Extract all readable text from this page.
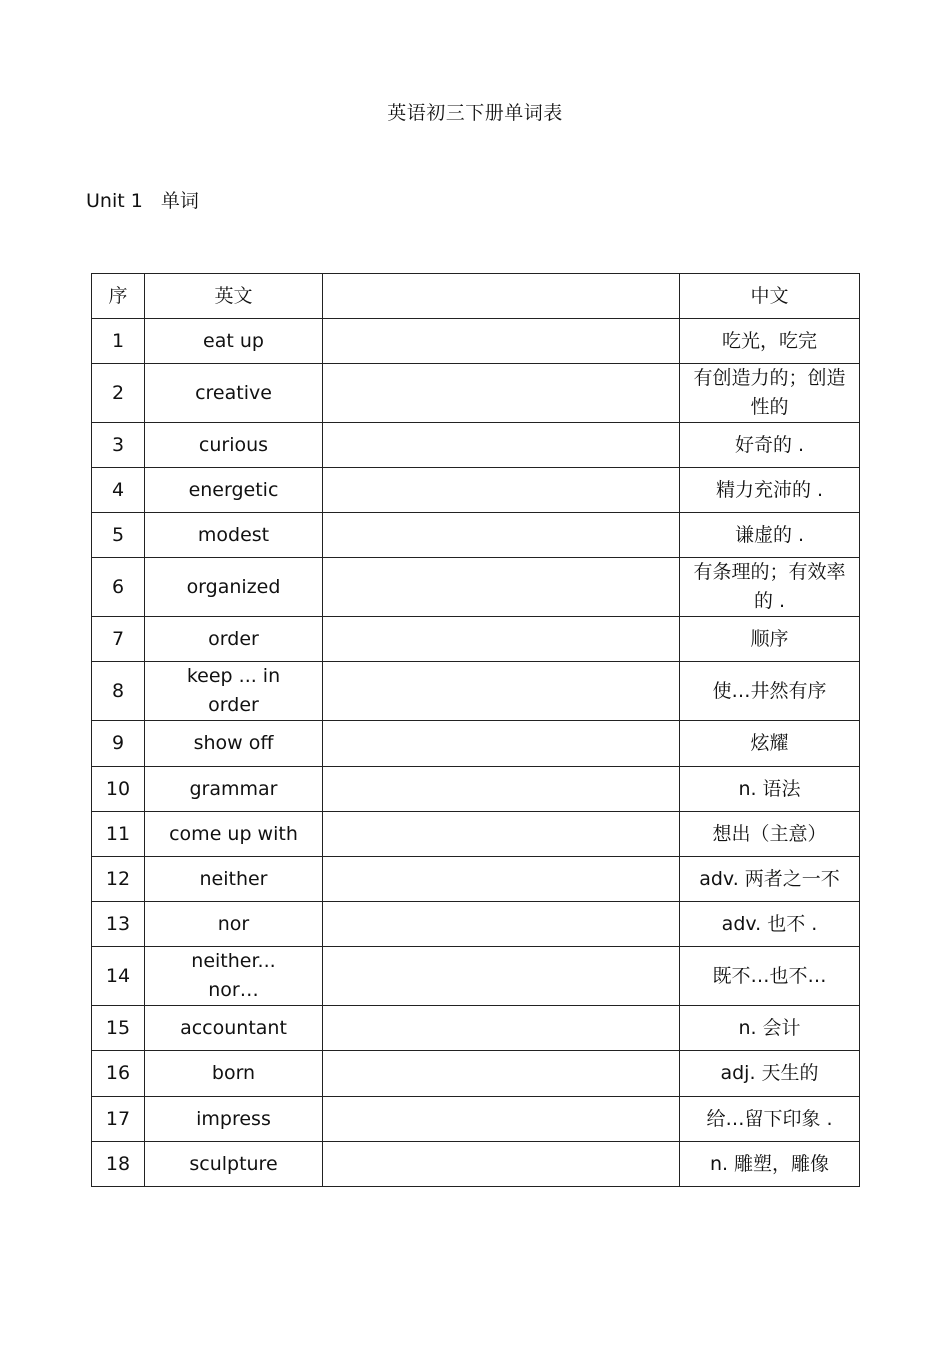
英语初三下册单词表
Unit 1 单词
序	英文		中文
1	eat up		吃光，吃完
2	creative		有创造力的；创造性的
3	curious		好奇的 .
4	energetic		精力充沛的 .
5	modest		谦虚的 .
6	organized		有条理的；有效率的 .
7	order		顺序
8	keep ... in order		使…井然有序
9	show off		炫耀
10	grammar		n. 语法
11	come up with		想出（主意）
12	neither		adv. 两者之一不
13	nor		adv. 也不 .
14	neither... nor…		既不…也不…
15	accountant		n. 会计
16	born		adj. 天生的
17	impress		给…留下印象 .
18	sculpture		n. 雕塑，雕像
